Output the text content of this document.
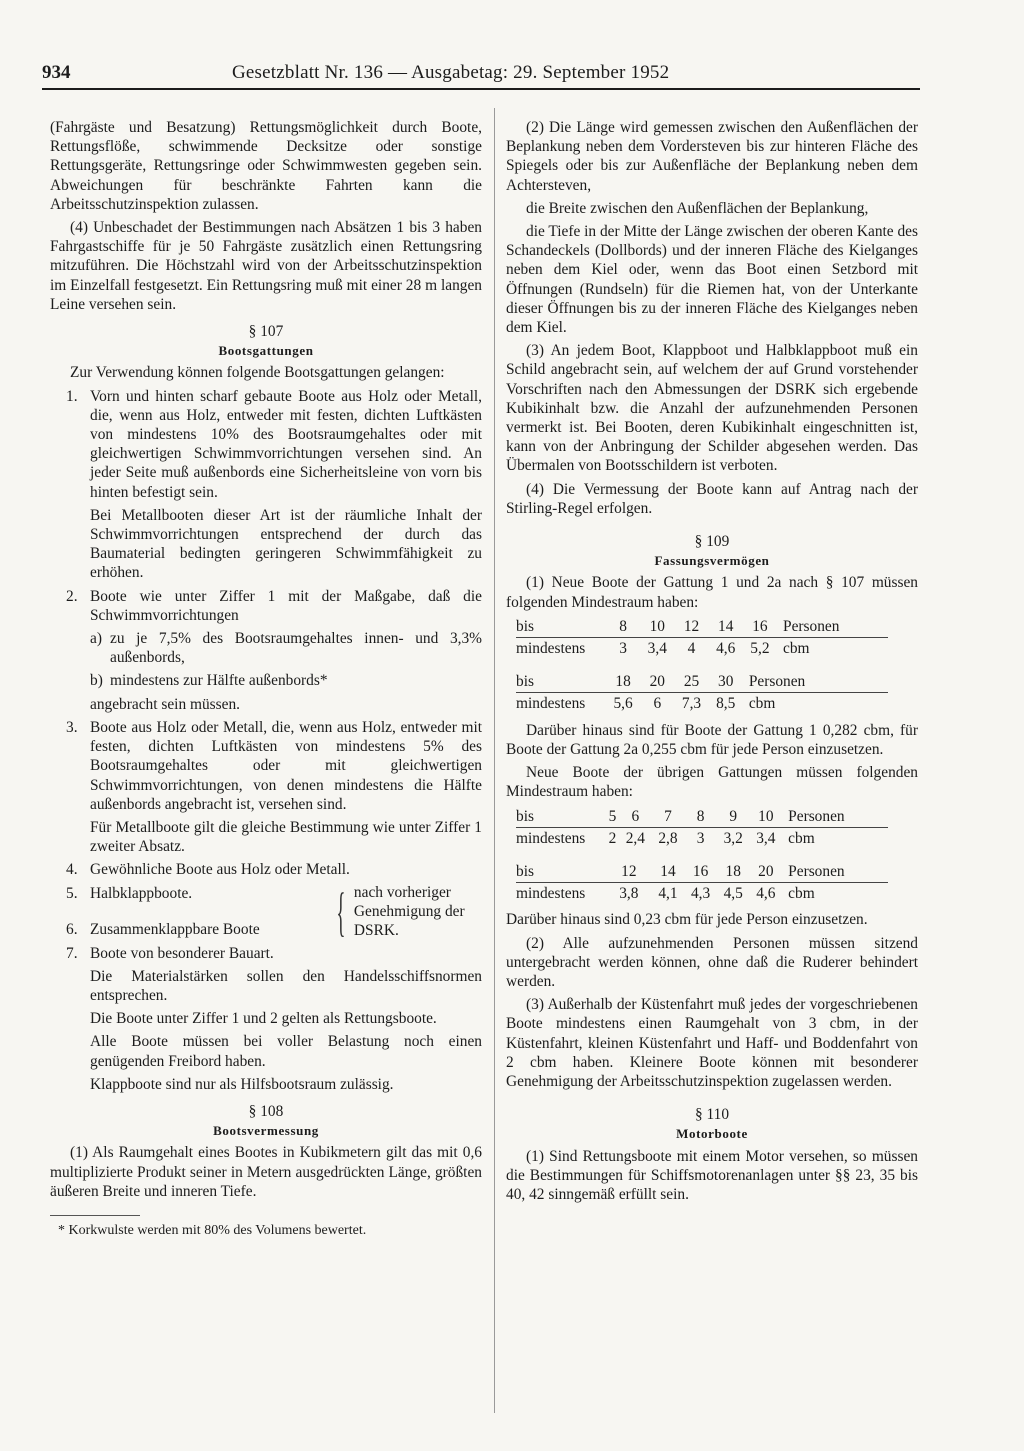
934	Gesetzblatt Nr. 136 — Ausgabetag: 29. September 1952

(Fahrgäste und Besatzung) Rettungsmöglichkeit durch Boote, Rettungsflöße, schwimmende Decksitze oder sonstige Rettungsgeräte, Rettungsringe oder Schwimmwesten gegeben sein. Abweichungen für beschränkte Fahrten kann die Arbeitsschutzinspektion zulassen.

(4) Unbeschadet der Bestimmungen nach Absätzen 1 bis 3 haben Fahrgastschiffe für je 50 Fahrgäste zusätzlich einen Rettungsring mitzuführen. Die Höchstzahl wird von der Arbeitsschutzinspektion im Einzelfall festgesetzt. Ein Rettungsring muß mit einer 28 m langen Leine versehen sein.

§ 107
Bootsgattungen

Zur Verwendung können folgende Bootsgattungen gelangen:

1. Vorn und hinten scharf gebaute Boote aus Holz oder Metall, die, wenn aus Holz, entweder mit festen, dichten Luftkästen von mindestens 10% des Bootsraumgehaltes oder mit gleichwertigen Schwimmvorrichtungen versehen sind. An jeder Seite muß außenbords eine Sicherheitsleine von vorn bis hinten befestigt sein.

Bei Metallbooten dieser Art ist der räumliche Inhalt der Schwimmvorrichtungen entsprechend der durch das Baumaterial bedingten geringeren Schwimmfähigkeit zu erhöhen.

2. Boote wie unter Ziffer 1 mit der Maßgabe, daß die Schwimmvorrichtungen
a) zu je 7,5% des Bootsraumgehaltes innen- und 3,3% außenbords,
b) mindestens zur Hälfte außenbords*

angebracht sein müssen.

3. Boote aus Holz oder Metall, die, wenn aus Holz, entweder mit festen, dichten Luftkästen von mindestens 5% des Bootsraumgehaltes oder mit gleichwertigen Schwimmvorrichtungen, von denen mindestens die Hälfte außenbords angebracht ist, versehen sind.

Für Metallboote gilt die gleiche Bestimmung wie unter Ziffer 1 zweiter Absatz.

4. Gewöhnliche Boote aus Holz oder Metall.
5. Halbklappboote.
6. Zusammenklappbare Boote { nach vorheriger Genehmigung der DSRK.
7. Boote von besonderer Bauart.

Die Materialstärken sollen den Handelsschiffsnormen entsprechen.

Die Boote unter Ziffer 1 und 2 gelten als Rettungsboote.

Alle Boote müssen bei voller Belastung noch einen genügenden Freibord haben.

Klappboote sind nur als Hilfsbootsraum zulässig.

§ 108
Bootsvermessung

(1) Als Raumgehalt eines Bootes in Kubikmetern gilt das mit 0,6 multiplizierte Produkt seiner in Metern ausgedrückten Länge, größten äußeren Breite und inneren Tiefe.

* Korkwulste werden mit 80% des Volumens bewertet.

(2) Die Länge wird gemessen zwischen den Außenflächen der Beplankung neben dem Vordersteven bis zur hinteren Fläche des Spiegels oder bis zur Außenfläche der Beplankung neben dem Achtersteven,

die Breite zwischen den Außenflächen der Beplankung,

die Tiefe in der Mitte der Länge zwischen der oberen Kante des Schandeckels (Dollbords) und der inneren Fläche des Kielganges neben dem Kiel oder, wenn das Boot einen Setzbord mit Öffnungen (Rundseln) für die Riemen hat, von der Unterkante dieser Öffnungen bis zu der inneren Fläche des Kielganges neben dem Kiel.

(3) An jedem Boot, Klappboot und Halbklappboot muß ein Schild angebracht sein, auf welchem der auf Grund vorstehender Vorschriften nach den Abmessungen der DSRK sich ergebende Kubikinhalt bzw. die Anzahl der aufzunehmenden Personen vermerkt ist. Bei Booten, deren Kubikinhalt eingeschnitten ist, kann von der Anbringung der Schilder abgesehen werden. Das Übermalen von Bootsschildern ist verboten.

(4) Die Vermessung der Boote kann auf Antrag nach der Stirling-Regel erfolgen.

§ 109
Fassungsvermögen

(1) Neue Boote der Gattung 1 und 2a nach § 107 müssen folgenden Mindestraum haben:

bis	8	10	12	14	16	Personen
mindestens	3	3,4	4	4,6	5,2	cbm

bis	18	20	25	30	Personen	
mindestens	5,6	6	7,3	8,5	cbm	

Darüber hinaus sind für Boote der Gattung 1 0,282 cbm, für Boote der Gattung 2a 0,255 cbm für jede Person einzusetzen.

Neue Boote der übrigen Gattungen müssen folgenden Mindestraum haben:

bis	5	6	7	8	9	10	Personen
mindestens	2	2,4	2,8	3	3,2	3,4	cbm

bis	12		14	16	18	20	Personen
mindestens	3,8		4,1	4,3	4,5	4,6	cbm

Darüber hinaus sind 0,23 cbm für jede Person einzusetzen.

(2) Alle aufzunehmenden Personen müssen sitzend untergebracht werden können, ohne daß die Ruderer behindert werden.

(3) Außerhalb der Küstenfahrt muß jedes der vorgeschriebenen Boote mindestens einen Raumgehalt von 3 cbm, in der Küstenfahrt, kleinen Küstenfahrt und Haff- und Boddenfahrt von 2 cbm haben. Kleinere Boote können mit besonderer Genehmigung der Arbeitsschutzinspektion zugelassen werden.

§ 110
Motorboote

(1) Sind Rettungsboote mit einem Motor versehen, so müssen die Bestimmungen für Schiffsmotorenanlagen unter §§ 23, 35 bis 40, 42 sinngemäß erfüllt sein.
